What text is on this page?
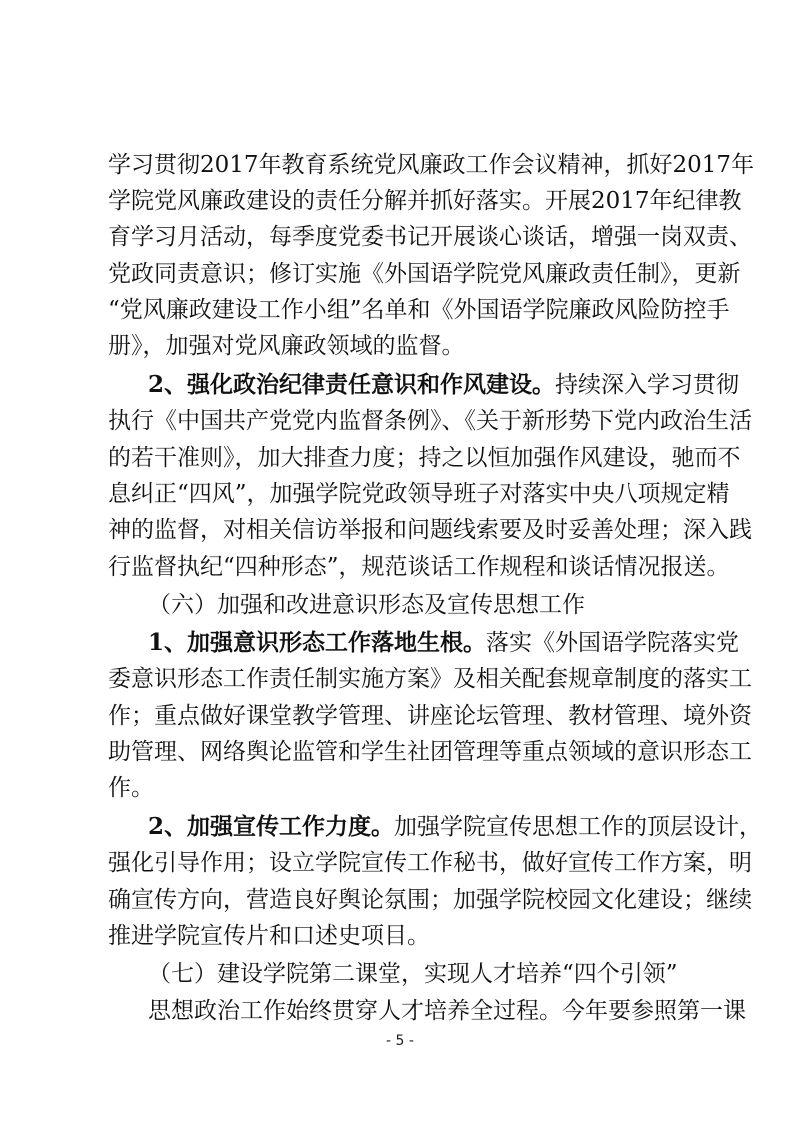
学习贯彻2017年教育系统党风廉政工作会议精神，抓好2017年
学院党风廉政建设的责任分解并抓好落实。开展2017年纪律教
育学习月活动，每季度党委书记开展谈心谈话，增强一岗双责、
党政同责意识；修订实施《外国语学院党风廉政责任制》，更新
“党风廉政建设工作小组”名单和《外国语学院廉政风险防控手
册》，加强对党风廉政领域的监督。
2、强化政治纪律责任意识和作风建设。持续深入学习贯彻
执行《中国共产党党内监督条例》、《关于新形势下党内政治生活
的若干准则》，加大排查力度；持之以恒加强作风建设，驰而不
息纠正“四风”，加强学院党政领导班子对落实中央八项规定精
神的监督，对相关信访举报和问题线索要及时妥善处理；深入践
行监督执纪“四种形态”，规范谈话工作规程和谈话情况报送。
（六）加强和改进意识形态及宣传思想工作
1、加强意识形态工作落地生根。落实《外国语学院落实党
委意识形态工作责任制实施方案》及相关配套规章制度的落实工
作；重点做好课堂教学管理、讲座论坛管理、教材管理、境外资
助管理、网络舆论监管和学生社团管理等重点领域的意识形态工
作。
2、加强宣传工作力度。加强学院宣传思想工作的顶层设计，
强化引导作用；设立学院宣传工作秘书，做好宣传工作方案，明
确宣传方向，营造良好舆论氛围；加强学院校园文化建设；继续
推进学院宣传片和口述史项目。
（七）建设学院第二课堂，实现人才培养“四个引领”
思想政治工作始终贯穿人才培养全过程。今年要参照第一课
- 5 -
